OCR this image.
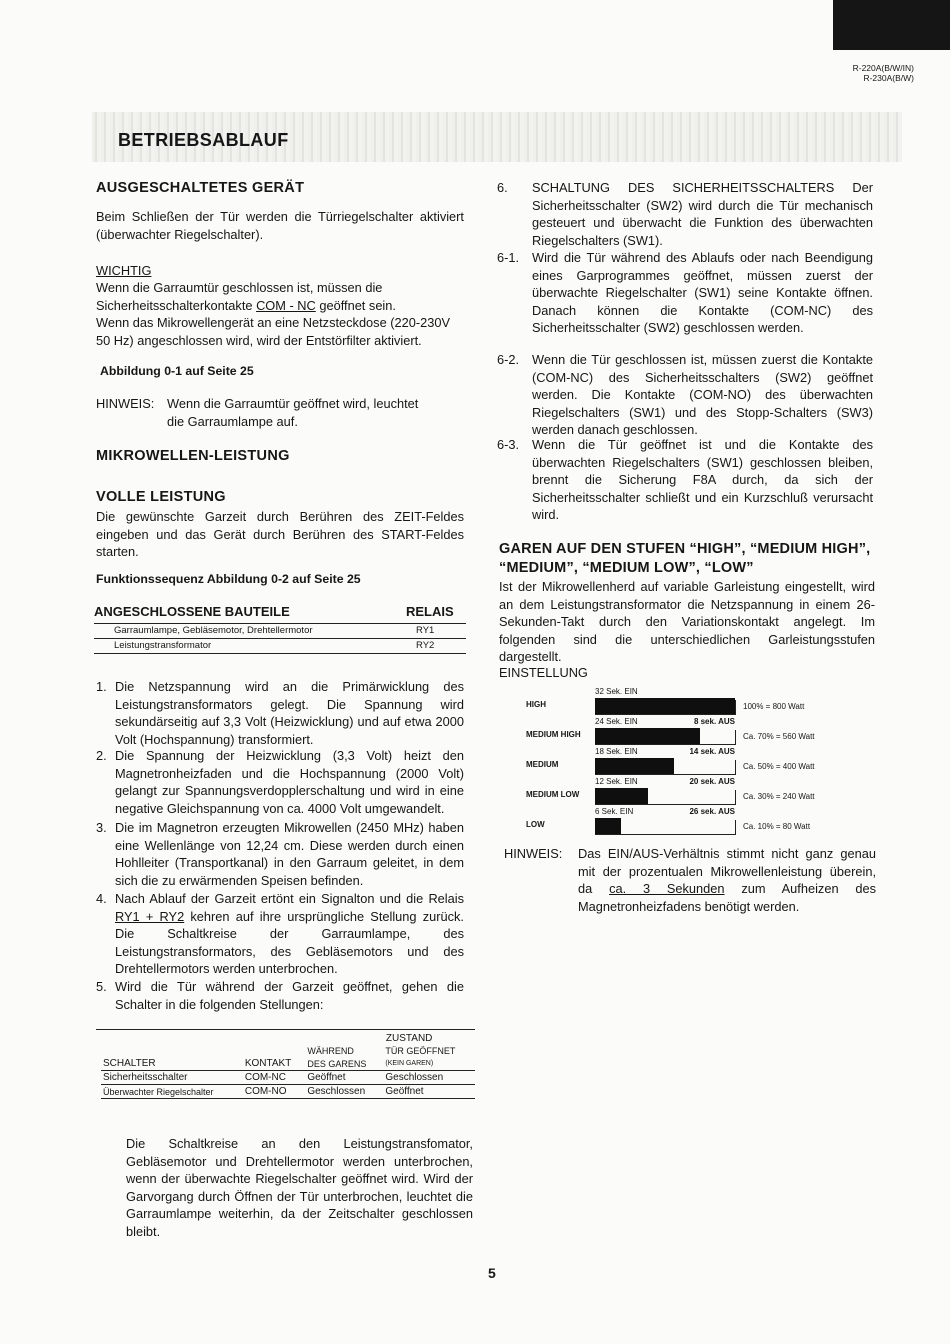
R-220A(B/W/IN)
R-230A(B/W)
BETRIEBSABLAUF
AUSGESCHALTETES GERÄT
Beim Schließen der Tür werden die Türriegelschalter aktiviert (überwachter Riegelschalter).
WICHTIG
Wenn die Garraumtür geschlossen ist, müssen die
Sicherheitsschalterkontakte COM - NC geöffnet sein.
Wenn das Mikrowellengerät an eine Netzsteckdose (220-230V
50 Hz) angeschlossen wird, wird der Entstörfilter aktiviert.
Abbildung 0-1 auf Seite 25
HINWEIS: Wenn die Garraumtür geöffnet wird, leuchtet
die Garraumlampe auf.
MIKROWELLEN-LEISTUNG
VOLLE LEISTUNG
Die gewünschte Garzeit durch Berühren des ZEIT-Feldes eingeben und das Gerät durch Berühren des START-Feldes starten.
Funktionssequenz Abbildung 0-2 auf Seite 25
ANGESCHLOSSENE BAUTEILE	RELAIS
Garraumlampe, Gebläsemotor, Drehtellermotor	RY1
Leistungstransformator	RY2
1. Die Netzspannung wird an die Primärwicklung des Leistungstransformators gelegt. Die Spannung wird sekundärseitig auf 3,3 Volt (Heizwicklung) und auf etwa 2000 Volt (Hochspannung) transformiert.
2. Die Spannung der Heizwicklung (3,3 Volt) heizt den Magnetronheizfaden und die Hochspannung (2000 Volt) gelangt zur Spannungsverdopplerschaltung und wird in eine negative Gleichspannung von ca. 4000 Volt umgewandelt.
3. Die im Magnetron erzeugten Mikrowellen (2450 MHz) haben eine Wellenlänge von 12,24 cm. Diese werden durch einen Hohlleiter (Transportkanal) in den Garraum geleitet, in dem sich die zu erwärmenden Speisen befinden.
4. Nach Ablauf der Garzeit ertönt ein Signalton und die Relais RY1 + RY2 kehren auf ihre ursprüngliche Stellung zurück. Die Schaltkreise der Garraumlampe, des Leistungstransformators, des Gebläsemotors und des Drehtellermotors werden unterbrochen.
5. Wird die Tür während der Garzeit geöffnet, gehen die Schalter in die folgenden Stellungen:
		ZUSTAND	
		WÄHREND	TÜR GEÖFFNET
SCHALTER	KONTAKT	DES GARENS	(KEIN GAREN)
Sicherheitsschalter	COM-NC	Geöffnet	Geschlossen
Überwachter Riegelschalter	COM-NO	Geschlossen	Geöffnet
Die Schaltkreise an den Leistungstransfomator, Gebläsemotor und Drehtellermotor werden unterbrochen, wenn der überwachte Riegelschalter geöffnet wird. Wird der Garvorgang durch Öffnen der Tür unterbrochen, leuchtet die Garraumlampe weiterhin, da der Zeitschalter geschlossen bleibt.
6. SCHALTUNG DES SICHERHEITSSCHALTERS Der Sicherheitsschalter (SW2) wird durch die Tür mechanisch gesteuert und überwacht die Funktion des überwachten Riegelschalters (SW1).
6-1. Wird die Tür während des Ablaufs oder nach Beendigung eines Garprogrammes geöffnet, müssen zuerst der überwachte Riegelschalter (SW1) seine Kontakte öffnen. Danach können die Kontakte (COM-NC) des Sicherheitsschalter (SW2) geschlossen werden.
6-2. Wenn die Tür geschlossen ist, müssen zuerst die Kontakte (COM-NC) des Sicherheitsschalters (SW2) geöffnet werden. Die Kontakte (COM-NO) des überwachten Riegelschalters (SW1) und des Stopp-Schalters (SW3) werden danach geschlossen.
6-3. Wenn die Tür geöffnet ist und die Kontakte des überwachten Riegelschalters (SW1) geschlossen bleiben, brennt die Sicherung F8A durch, da sich der Sicherheitsschalter schließt und ein Kurzschluß verursacht wird.
GAREN AUF DEN STUFEN “HIGH”, “MEDIUM HIGH”, “MEDIUM”, “MEDIUM LOW”, “LOW”
Ist der Mikrowellenherd auf variable Garleistung eingestellt, wird an dem Leistungstransformator die Netzspannung in einem 26-Sekunden-Takt durch den Variationskontakt angelegt. Im folgenden sind die unterschiedlichen Garleistungsstufen dargestellt.
EINSTELLUNG
HIGH
32 Sek. EIN
100% = 800 Watt
MEDIUM HIGH
24 Sek. EIN	8 sek. AUS
Ca. 70% = 560 Watt
MEDIUM
18 Sek. EIN	14 sek. AUS
Ca. 50% = 400 Watt
MEDIUM LOW
12 Sek. EIN	20 sek. AUS
Ca. 30% = 240 Watt
LOW
6 Sek. EIN	26 sek. AUS
Ca. 10% = 80 Watt
HINWEIS: Das EIN/AUS-Verhältnis stimmt nicht ganz genau mit der prozentualen Mikrowellenleistung überein, da ca. 3 Sekunden zum Aufheizen des Magnetronheizfadens benötigt werden.
5
